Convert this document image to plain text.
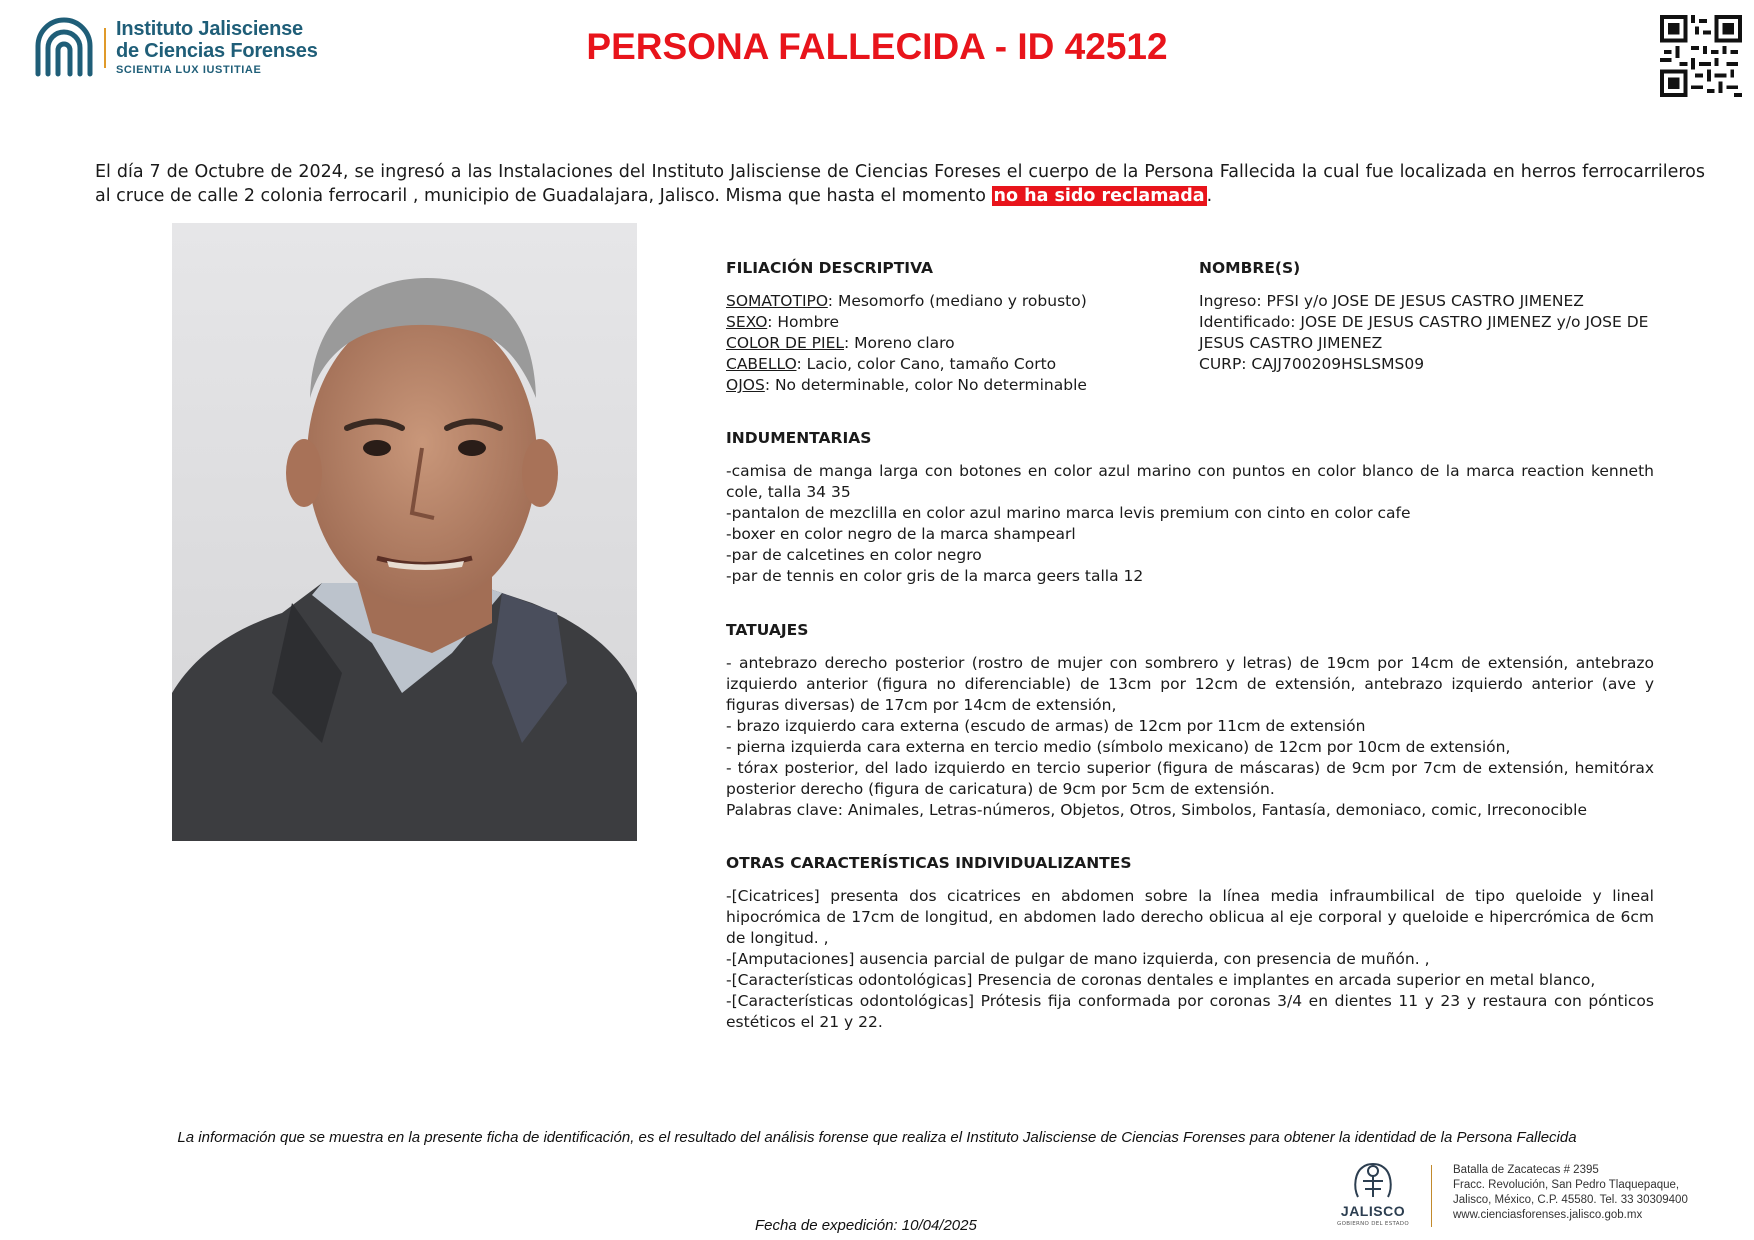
Instituto Jalisciense
de Ciencias Forenses
SCIENTIA LUX IUSTITIAE
PERSONA FALLECIDA - ID 42512
El día 7 de Octubre de 2024, se ingresó a las Instalaciones del Instituto Jalisciense de Ciencias Foreses el cuerpo de la Persona Fallecida la cual fue localizada en herros ferrocarrileros al cruce de calle 2 colonia ferrocaril , municipio de Guadalajara, Jalisco. Misma que hasta el momento no ha sido reclamada .
FILIACIÓN DESCRIPTIVA
SOMATOTIPO: Mesomorfo (mediano y robusto)
SEXO: Hombre
COLOR DE PIEL: Moreno claro
CABELLO: Lacio, color Cano, tamaño Corto
OJOS: No determinable, color No determinable
NOMBRE(S)
Ingreso: PFSI y/o JOSE DE JESUS CASTRO JIMENEZ
Identificado: JOSE DE JESUS CASTRO JIMENEZ y/o JOSE DE JESUS CASTRO JIMENEZ
CURP: CAJJ700209HSLSMS09
INDUMENTARIAS
-camisa de manga larga con botones en color azul marino con puntos en color blanco de la marca reaction kenneth cole, talla 34 35
-pantalon de mezclilla en color azul marino marca levis premium con cinto en color cafe
-boxer en color negro de la marca shampearl
-par de calcetines en color negro
-par de tennis en color gris de la marca geers talla 12
TATUAJES
- antebrazo derecho posterior (rostro de mujer con sombrero y letras) de 19cm por 14cm de extensión, antebrazo izquierdo anterior (figura no diferenciable) de 13cm por 12cm de extensión, antebrazo izquierdo anterior (ave y figuras diversas) de 17cm por 14cm de extensión,
- brazo izquierdo cara externa (escudo de armas) de 12cm por 11cm de extensión
- pierna izquierda cara externa en tercio medio (símbolo mexicano) de 12cm por 10cm de extensión,
- tórax posterior, del lado izquierdo en tercio superior (figura de máscaras) de 9cm por 7cm de extensión, hemitórax posterior derecho (figura de caricatura) de 9cm por 5cm de extensión.
Palabras clave: Animales, Letras-números, Objetos, Otros, Simbolos, Fantasía, demoniaco, comic, Irreconocible
OTRAS CARACTERÍSTICAS INDIVIDUALIZANTES
-[Cicatrices] presenta dos cicatrices en abdomen sobre la línea media infraumbilical de tipo queloide y lineal hipocrómica de 17cm de longitud, en abdomen lado derecho oblicua al eje corporal y queloide e hipercrómica de 6cm de longitud. ,
-[Amputaciones] ausencia parcial de pulgar de mano izquierda, con presencia de muñón. ,
-[Características odontológicas] Presencia de coronas dentales e implantes en arcada superior en metal blanco,
-[Características odontológicas] Prótesis fija conformada por coronas 3/4 en dientes 11 y 23 y restaura con pónticos estéticos el 21 y 22.
La información que se muestra en la presente ficha de identificación, es el resultado del análisis forense que realiza el Instituto Jalisciense de Ciencias Forenses para obtener la identidad de la Persona Fallecida
Fecha de expedición: 10/04/2025
JALISCO
GOBIERNO DEL ESTADO
Batalla de Zacatecas # 2395
Fracc. Revolución, San Pedro Tlaquepaque,
Jalisco, México, C.P. 45580. Tel. 33 30309400
www.cienciasforenses.jalisco.gob.mx
